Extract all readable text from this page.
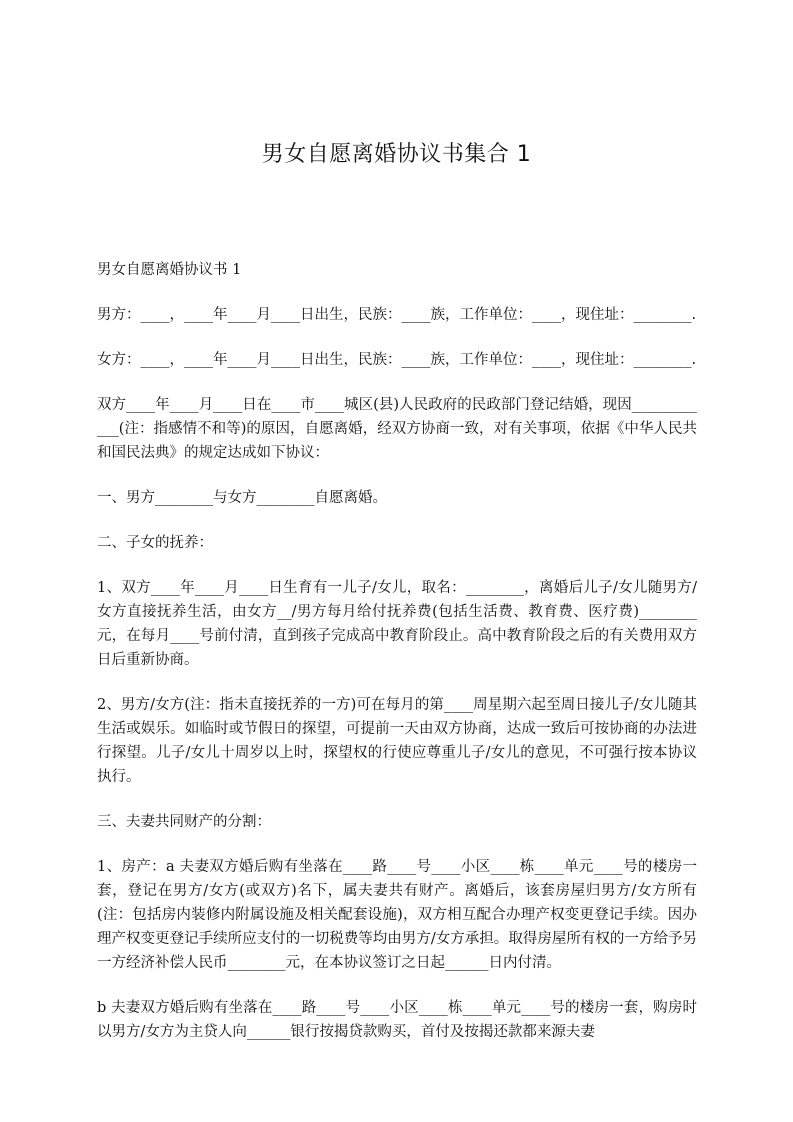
男女自愿离婚协议书集合 1

男女自愿离婚协议书 1

男方：____，____年____月____日出生，民族：____族，工作单位：____，现住址：________.

女方：____，____年____月____日出生，民族：____族，工作单位：____，现住址：________.

双方____年____月____日在____市____城区(县)人民政府的民政部门登记结婚，现因____________(注：指感情不和等)的原因，自愿离婚，经双方协商一致，对有关事项，依据《中华人民共和国民法典》的规定达成如下协议：

一、男方________与女方________自愿离婚。

二、子女的抚养：

1、双方____年____月____日生育有一儿子/女儿，取名：________，离婚后儿子/女儿随男方/女方直接抚养生活，由女方__/男方每月给付抚养费(包括生活费、教育费、医疗费)________元，在每月____号前付清，直到孩子完成高中教育阶段止。高中教育阶段之后的有关费用双方日后重新协商。

2、男方/女方(注：指未直接抚养的一方)可在每月的第____周星期六起至周日接儿子/女儿随其生活或娱乐。如临时或节假日的探望，可提前一天由双方协商，达成一致后可按协商的办法进行探望。儿子/女儿十周岁以上时，探望权的行使应尊重儿子/女儿的意见，不可强行按本协议执行。

三、夫妻共同财产的分割：

1、房产：a 夫妻双方婚后购有坐落在____路____号____小区____栋____单元____号的楼房一套，登记在男方/女方(或双方)名下，属夫妻共有财产。离婚后，该套房屋归男方/女方所有(注：包括房内装修内附属设施及相关配套设施)，双方相互配合办理产权变更登记手续。因办理产权变更登记手续所应支付的一切税费等均由男方/女方承担。取得房屋所有权的一方给予另一方经济补偿人民币________元，在本协议签订之日起______日内付清。

b 夫妻双方婚后购有坐落在____路____号____小区____栋____单元____号的楼房一套，购房时以男方/女方为主贷人向______银行按揭贷款购买，首付及按揭还款都来源夫妻
